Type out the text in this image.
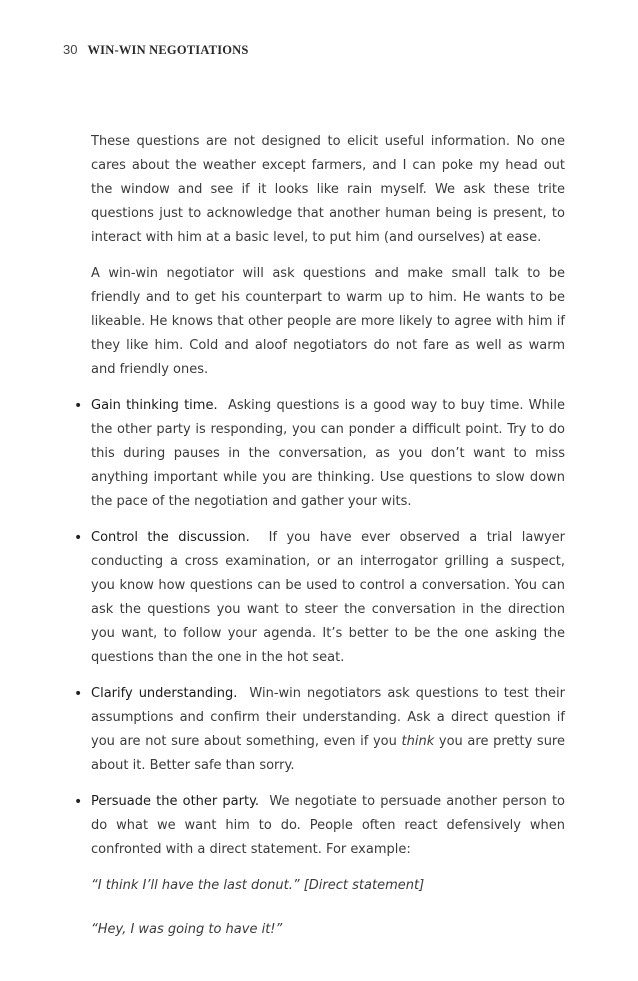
30 WIN-WIN NEGOTIATIONS

These questions are not designed to elicit useful information. No one cares about the weather except farmers, and I can poke my head out the window and see if it looks like rain myself. We ask these trite questions just to acknowledge that another human being is present, to interact with him at a basic level, to put him (and ourselves) at ease.

A win-win negotiator will ask questions and make small talk to be friendly and to get his counterpart to warm up to him. He wants to be likeable. He knows that other people are more likely to agree with him if they like him. Cold and aloof negotiators do not fare as well as warm and friendly ones.

• Gain thinking time. Asking questions is a good way to buy time. While the other party is responding, you can ponder a difficult point. Try to do this during pauses in the conversation, as you don’t want to miss anything important while you are thinking. Use questions to slow down the pace of the negotiation and gather your wits.
• Control the discussion. If you have ever observed a trial lawyer conducting a cross examination, or an interrogator grilling a suspect, you know how questions can be used to control a conversation. You can ask the questions you want to steer the conversation in the direction you want, to follow your agenda. It’s better to be the one asking the questions than the one in the hot seat.
• Clarify understanding. Win-win negotiators ask questions to test their assumptions and confirm their understanding. Ask a direct question if you are not sure about something, even if you think you are pretty sure about it. Better safe than sorry.
• Persuade the other party. We negotiate to persuade another person to do what we want him to do. People often react defensively when confronted with a direct statement. For example:

“I think I’ll have the last donut.” [Direct statement]

“Hey, I was going to have it!”
